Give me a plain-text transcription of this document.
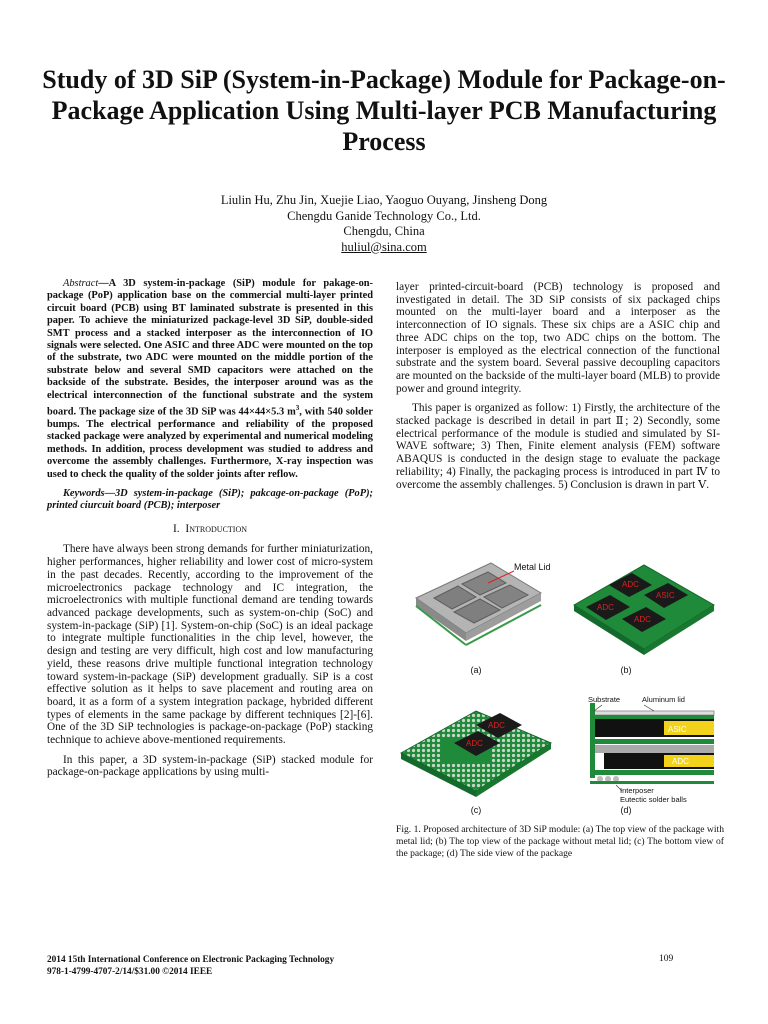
Study of 3D SiP (System-in-Package) Module for Package-on-Package Application Using Multi-layer PCB Manufacturing Process
Liulin Hu, Zhu Jin, Xuejie Liao, Yaoguo Ouyang, Jinsheng Dong
Chengdu Ganide Technology Co., Ltd.
Chengdu, China
huliul@sina.com

Abstract—A 3D system-in-package (SiP) module for pakage-on-package (PoP) application base on the commercial multi-layer printed circuit board (PCB) using BT laminated substrate is presented in this paper. To achieve the miniaturized package-level 3D SiP, double-sided SMT process and a stacked interposer as the interconnection of IO signals were selected. One ASIC and three ADC were mounted on the top of the substrate, two ADC were mounted on the middle portion of the substrate below and several SMD capacitors were attached on the backside of the substrate. Besides, the interposer around was as the electrical interconnection of the functional substrate and the system board. The package size of the 3D SiP was 44×44×5.3 $m^3$, with 540 solder bumps. The electrical performance and reliability of the proposed stacked package were analyzed by experimental and numerical modeling methods. In addition, process development was studied to address and overcome the assembly challenges. Furthermore, X-ray inspection was used to check the quality of the solder joints after reflow.

Keywords—3D system-in-package (SiP); pakcage-on-package (PoP); printed ciurcuit board (PCB); interposer

I. Introduction

There have always been strong demands for further miniaturization, higher performances, higher reliability and lower cost of micro-system in the past decades. Recently, according to the improvement of the microelectronics package technology and IC integration, the microelectronics with multiple functional demand are tending towards advanced package developments, such as system-on-chip (SoC) and system-in-package (SiP) [1]. System-on-chip (SoC) is an ideal package to integrate multiple functionalities in the chip level, however, the design and testing are very difficult, high cost and low manufacturing yield, these reasons drive multiple functional integration technology toward system-in-package (SiP) development gradually. SiP is a cost effective solution as it helps to save placement and routing area on board, it as a form of a system integration package, hybrided different types of elements in the same package by different techniques [2]-[6]. One of the 3D SiP technologies is package-on-package (PoP) stacking technique to achieve above-mentioned requirements.

In this paper, a 3D system-in-package (SiP) stacked module for package-on-package applications by using multi-

layer printed-circuit-board (PCB) technology is proposed and investigated in detail. The 3D SiP consists of six packaged chips mounted on the multi-layer board and a interposer as the interconnection of IO signals. These six chips are a ASIC chip and three ADC chips on the top, two ADC chips on the bottom. The interposer is employed as the electrical connection of the functional substrate and the system board. Several passive decoupling capacitors are mounted on the backside of the multi-layer board (MLB) to provide power and ground integrity.

This paper is organized as follow: 1) Firstly, the architecture of the stacked package is described in detail in part Ⅱ; 2) Secondly, some electrical performance of the module is studied and simulated by SI-WAVE software; 3) Then, Finite element analysis (FEM) software ABAQUS is conducted in the design stage to evaluate the package reliability; 4) Finally, the packaging process is introduced in part Ⅳ to overcome the assembly challenges. 5) Conclusion is drawn in part Ⅴ.

Metal Lid
(a)
ADC
ASIC
ADC
ADC
(b)
ADC
ADC
(c)
ASIC
ADC
Substrate	Aluminum lid
Interposer
Eutectic solder balls
(d)
Fig. 1. Proposed architecture of 3D SiP module: (a) The top view of the package with metal lid; (b) The top view of the package without metal lid; (c) The bottom view of the package; (d) The side view of the package
2014 15th International Conference on Electronic Packaging Technology
978-1-4799-4707-2/14/$31.00 ©2014 IEEE
109
